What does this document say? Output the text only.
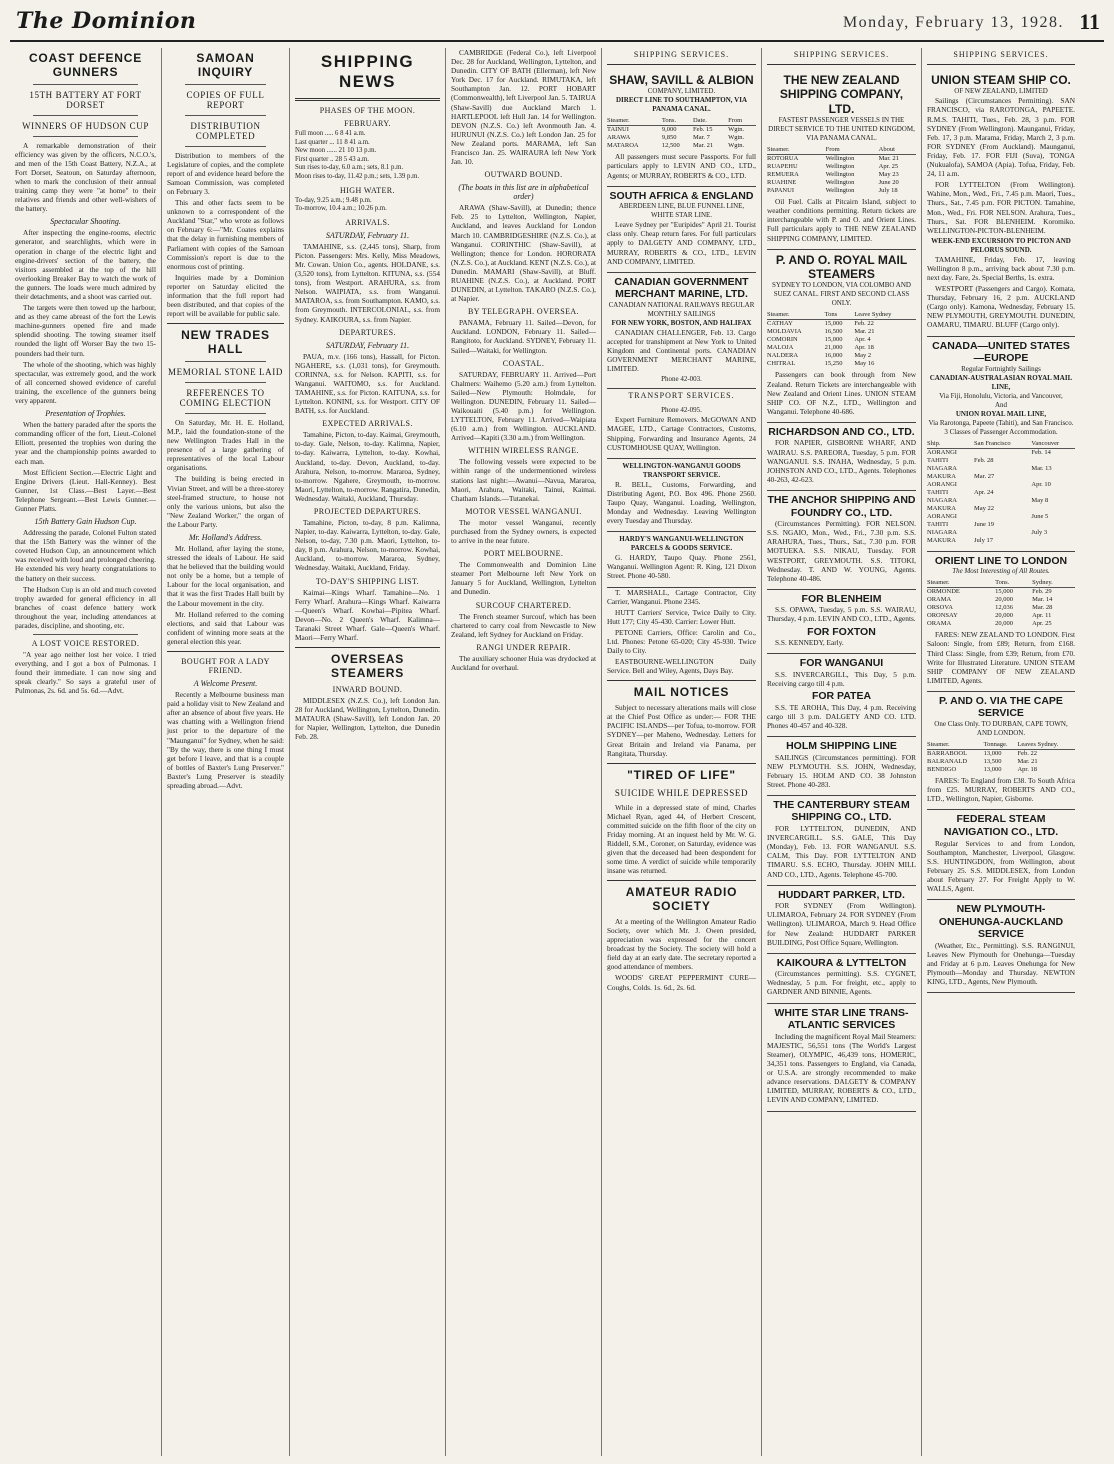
The Dominion	Monday, February 13, 1928. 11
COAST DEFENCE GUNNERS
15TH BATTERY AT FORT DORSET
WINNERS OF HUDSON CUP

A remarkable demonstration of their efficiency was given by the officers, N.C.O.'s, and men of the 15th Coast Battery, N.Z.A., at Fort Dorset, Seatoun, on Saturday afternoon, when to mark the conclusion of their annual training camp they were "at home" to their relatives and friends and other well-wishers of the battery.

Spectacular Shooting.

After inspecting the engine-rooms, electric generator, and searchlights, which were in operation in charge of the electric light and engine-drivers' section of the battery, the visitors assembled at the top of the hill overlooking Breaker Bay to watch the work of the gunners. The loads were much admired by their detachments, and a shoot was carried out.

The targets were then towed up the harbour, and as they came abreast of the fort the Lewis machine-gunners opened fire and made splendid shooting. The towing steamer itself rounded the light off Worser Bay the two 15-pounders had their turn.

The whole of the shooting, which was highly spectacular, was extremely good, and the work of all concerned showed evidence of careful training, the excellence of the gunners being very apparent.

Presentation of Trophies.

When the battery paraded after the sports the commanding officer of the fort, Lieut.-Colonel Elliott, presented the trophies won during the year and the championship points awarded to each man.

Most Efficient Section.—Electric Light and Engine Drivers (Lieut. Hall-Kenney). Best Gunner, 1st Class.—Best Layer.—Best Telephone Sergeant.—Best Lewis Gunner.—Gunner Platts.

15th Battery Gain Hudson Cup.

Addressing the parade, Colonel Fulton stated that the 15th Battery was the winner of the coveted Hudson Cup, an announcement which was received with loud and prolonged cheering. He extended his very hearty congratulations to the battery on their success.

The Hudson Cup is an old and much coveted trophy awarded for general efficiency in all branches of coast defence battery work throughout the year, including attendances at parades, discipline, and shooting, etc.

A LOST VOICE RESTORED.

"A year ago neither lost her voice. I tried everything, and I got a box of Pulmonas. I found their immediate. I can now sing and speak clearly." So says a grateful user of Pulmonas, 2s. 6d. and 5s. 6d.—Advt.

SAMOAN INQUIRY
COPIES OF FULL REPORT
DISTRIBUTION COMPLETED

Distribution to members of the Legislature of copies, and the complete report of and evidence heard before the Samoan Commission, was completed on February 3.

This and other facts seem to be unknown to a correspondent of the Auckland "Star," who wrote as follows on February 6:—"Mr. Coates explains that the delay in furnishing members of Parliament with copies of the Samoan Commission's report is due to the enormous cost of printing.

Inquiries made by a Dominion reporter on Saturday elicited the information that the full report had been distributed, and that copies of the report will be available for public sale.

NEW TRADES HALL
MEMORIAL STONE LAID
REFERENCES TO COMING ELECTION

On Saturday, Mr. H. E. Holland, M.P., laid the foundation-stone of the new Wellington Trades Hall in the presence of a large gathering of representatives of the local Labour organisations.

The building is being erected in Vivian Street, and will be a three-storey steel-framed structure, to house not only the various unions, but also the "New Zealand Worker," the organ of the Labour Party.

Mr. Holland's Address.

Mr. Holland, after laying the stone, stressed the ideals of Labour. He said that he believed that the building would not only be a home, but a temple of Labour for the local organisation, and that it was the first Trades Hall built by the Labour movement in the city.

Mr. Holland referred to the coming elections, and said that Labour was confident of winning more seats at the general election this year.

BOUGHT FOR A LADY FRIEND.
A Welcome Present.

Recently a Melbourne business man paid a holiday visit to New Zealand and after an absence of about five years. He was chatting with a Wellington friend just prior to the departure of the "Maunganui" for Sydney, when he said: "By the way, there is one thing I must get before I leave, and that is a couple of bottles of Baxter's Lung Preserver." Baxter's Lung Preserver is steadily spreading abroad.—Advt.

SHIPPING NEWS
PHASES OF THE MOON.
FEBRUARY.
Full moon ..... 6 8 41 a.m.
Last quarter ... 11 8 41 a.m.
New moon ...... 21 10 13 p.m.
First quarter .. 28 5 43 a.m.
Sun rises to-day, 6.0 a.m.; sets, 8.1 p.m.
Moon rises to-day, 11.42 p.m.; sets, 1.39 p.m.
HIGH WATER.
To-day, 9.25 a.m.; 9.48 p.m.
To-morrow, 10.4 a.m.; 10.26 p.m.
ARRIVALS.
SATURDAY, February 11.

TAMAHINE, s.s. (2,445 tons), Sharp, from Picton. Passengers: Mrs. Kelly, Miss Meadows, Mr. Cowan. Union Co., agents. HOLDANE, s.s. (3,520 tons), from Lyttelton. KITUNA, s.s. (554 tons), from Westport. ARAHURA, s.s. from Nelson. WAIPIATA, s.s. from Wanganui. MATAROA, s.s. from Southampton. KAMO, s.s. from Greymouth. INTERCOLONIAL, s.s. from Sydney. KAIKOURA, s.s. from Napier.

DEPARTURES.
SATURDAY, February 11.

PAUA, m.v. (166 tons), Hassall, for Picton. NGAHERE, s.s. (1,031 tons), for Greymouth. CORINNA, s.s. for Nelson. KAPITI, s.s. for Wanganui. WAITOMO, s.s. for Auckland. TAMAHINE, s.s. for Picton. KAITUNA, s.s. for Lyttelton. KONINI, s.s. for Westport. CITY OF BATH, s.s. for Auckland.

EXPECTED ARRIVALS.

Tamahine, Picton, to-day. Kaimai, Greymouth, to-day. Gale, Nelson, to-day. Kalimna, Napier, to-day. Kaiwarra, Lyttelton, to-day. Kowhai, Auckland, to-day. Devon, Auckland, to-day. Arahura, Nelson, to-morrow. Mararoa, Sydney, to-morrow. Ngahere, Greymouth, to-morrow. Maori, Lyttelton, to-morrow. Rangatira, Dunedin, Wednesday. Waitaki, Auckland, Thursday.

PROJECTED DEPARTURES.

Tamahine, Picton, to-day, 8 p.m. Kalimna, Napier, to-day. Kaiwarra, Lyttelton, to-day. Gale, Nelson, to-day, 7.30 p.m. Maori, Lyttelton, to-day, 8 p.m. Arahura, Nelson, to-morrow. Kowhai, Auckland, to-morrow. Mararoa, Sydney, Wednesday. Waitaki, Auckland, Friday.

TO-DAY'S SHIPPING LIST.

Kaimai—Kings Wharf. Tamahine—No. 1 Ferry Wharf. Arahura—Kings Wharf. Kaiwarra—Queen's Wharf. Kowhai—Pipitea Wharf. Devon—No. 2 Queen's Wharf. Kalimna—Taranaki Street Wharf. Gale—Queen's Wharf. Maori—Ferry Wharf.

OVERSEAS STEAMERS
INWARD BOUND.

MIDDLESEX (N.Z.S. Co.), left London Jan. 28 for Auckland, Wellington, Lyttelton, Dunedin. MATAURA (Shaw-Savill), left London Jan. 20 for Napier, Wellington, Lyttelton, due Dunedin Feb. 28.

CAMBRIDGE (Federal Co.), left Liverpool Dec. 28 for Auckland, Wellington, Lyttelton, and Dunedin. CITY OF BATH (Ellerman), left New York Dec. 17 for Auckland. RIMUTAKA, left Southampton Jan. 12. PORT HOBART (Commonwealth), left Liverpool Jan. 5. TAIRUA (Shaw-Savill) due Auckland March 1. HARTLEPOOL left Hull Jan. 14 for Wellington. DEVON (N.Z.S. Co.) left Avonmouth Jan. 4. HURUNUI (N.Z.S. Co.) left London Jan. 25 for New Zealand ports. MARAMA, left San Francisco Jan. 25. WAIRAURA left New York Jan. 10.

OUTWARD BOUND.
(The boats in this list are in alphabetical order)

ARAWA (Shaw-Savill), at Dunedin; thence Feb. 25 to Lyttelton, Wellington, Napier, Auckland, and leaves Auckland for London March 10. CAMBRIDGESHIRE (N.Z.S. Co.), at Wanganui. CORINTHIC (Shaw-Savill), at Wellington; thence for London. HORORATA (N.Z.S. Co.), at Auckland. KENT (N.Z.S. Co.), at Dunedin. MAMARI (Shaw-Savill), at Bluff. RUAHINE (N.Z.S. Co.), at Auckland. PORT DUNEDIN, at Lyttelton. TAKARO (N.Z.S. Co.), at Napier.

BY TELEGRAPH. OVERSEA.

PANAMA, February 11. Sailed—Devon, for Auckland. LONDON, February 11. Sailed—Rangitoto, for Auckland. SYDNEY, February 11. Sailed—Waitaki, for Wellington.

COASTAL.

SATURDAY, FEBRUARY 11. Arrived—Port Chalmers: Waihemo (5.20 a.m.) from Lyttelton. Sailed—New Plymouth: Holmdale, for Wellington. DUNEDIN, February 11. Sailed—Waikouaiti (5.40 p.m.) for Wellington. LYTTELTON, February 11. Arrived—Waipiata (6.10 a.m.) from Wellington. AUCKLAND. Arrived—Kapiti (3.30 a.m.) from Wellington.

WITHIN WIRELESS RANGE.

The following vessels were expected to be within range of the undermentioned wireless stations last night:—Awanui—Navua, Mararoa, Maori, Arahura, Waitaki, Tainui, Kaimai. Chatham Islands.—Tutanekai.

MOTOR VESSEL WANGANUI.

The motor vessel Wanganui, recently purchased from the Sydney owners, is expected to arrive in the near future.

PORT MELBOURNE.

The Commonwealth and Dominion Line steamer Port Melbourne left New York on January 5 for Auckland, Wellington, Lyttelton and Dunedin.

SURCOUF CHARTERED.

The French steamer Surcouf, which has been chartered to carry coal from Newcastle to New Zealand, left Sydney for Auckland on Friday.

RANGI UNDER REPAIR.

The auxiliary schooner Huia was drydocked at Auckland for overhaul.

SHIPPING SERVICES.
SHAW, SAVILL & ALBION
COMPANY, LIMITED.
DIRECT LINE TO SOUTHAMPTON, VIA PANAMA CANAL.
Steamer.	Tons.	Date.	From
TAINUI	9,000	Feb. 15	Wgtn.
ARAWA	9,850	Mar. 7	Wgtn.
MATAROA	12,500	Mar. 21	Wgtn.

All passengers must secure Passports. For full particulars apply to LEVIN AND CO., LTD., Agents; or MURRAY, ROBERTS & CO., LTD.

SOUTH AFRICA & ENGLAND
ABERDEEN LINE, BLUE FUNNEL LINE, WHITE STAR LINE.

Leave Sydney per "Euripides" April 21. Tourist class only. Cheap return fares. For full particulars apply to DALGETY AND COMPANY, LTD., MURRAY, ROBERTS & CO., LTD., LEVIN AND COMPANY, LIMITED.

CANADIAN GOVERNMENT MERCHANT MARINE, LTD.
CANADIAN NATIONAL RAILWAYS REGULAR MONTHLY SAILINGS
FOR NEW YORK, BOSTON, AND HALIFAX

CANADIAN CHALLENGER, Feb. 13. Cargo accepted for transhipment at New York to United Kingdom and Continental ports. CANADIAN GOVERNMENT MERCHANT MARINE, LIMITED.

Phone 42-003.
TRANSPORT SERVICES.
Phone 42-095.

Expert Furniture Removers. McGOWAN AND MAGEE, LTD., Cartage Contractors, Customs, Shipping, Forwarding and Insurance Agents, 24 CUSTOMHOUSE QUAY, Wellington.

WELLINGTON-WANGANUI GOODS TRANSPORT SERVICE.

R. BELL, Customs, Forwarding, and Distributing Agent, P.O. Box 496. Phone 2560. Taupo Quay, Wanganui. Loading, Wellington, Monday and Wednesday. Leaving Wellington every Tuesday and Thursday.

HARDY'S WANGANUI-WELLINGTON PARCELS & GOODS SERVICE.

G. HARDY, Taupo Quay. Phone 2561, Wanganui. Wellington Agent: R. King, 121 Dixon Street. Phone 40-580.

T. MARSHALL, Cartage Contractor, City Carrier, Wanganui. Phone 2345.

HUTT Carriers' Service, Twice Daily to City. Hutt 177; City 45-430. Carrier: Lower Hutt.

PETONE Carriers, Office: Carolin and Co., Ltd. Phones: Petone 65-020; City 45-930. Twice Daily to City.

EASTBOURNE-WELLINGTON Daily Service. Bell and Wiley, Agents, Days Bay.

MAIL NOTICES

Subject to necessary alterations mails will close at the Chief Post Office as under:— FOR THE PACIFIC ISLANDS—per Tofua, to-morrow. FOR SYDNEY—per Maheno, Wednesday. Letters for Great Britain and Ireland via Panama, per Rangitata, Thursday.

"TIRED OF LIFE"
SUICIDE WHILE DEPRESSED

While in a depressed state of mind, Charles Michael Ryan, aged 44, of Herbert Crescent, committed suicide on the fifth floor of the city on Friday morning. At an inquest held by Mr. W. G. Riddell, S.M., Coroner, on Saturday, evidence was given that the deceased had been despondent for some time. A verdict of suicide while temporarily insane was returned.

AMATEUR RADIO SOCIETY

At a meeting of the Wellington Amateur Radio Society, over which Mr. J. Owen presided, appreciation was expressed for the concert broadcast by the Society. The society will hold a field day at an early date. The secretary reported a good attendance of members.

WOODS' GREAT PEPPERMINT CURE—Coughs, Colds. 1s. 6d., 2s. 6d.

SHIPPING SERVICES.
THE NEW ZEALAND SHIPPING COMPANY, LTD.
FASTEST PASSENGER VESSELS IN THE DIRECT SERVICE TO THE UNITED KINGDOM, VIA PANAMA CANAL.
Steamer.	From	About
ROTORUA	Wellington	Mar. 21
RUAPEHU	Wellington	Apr. 25
REMUERA	Wellington	May 23
RUAHINE	Wellington	June 20
PAPANUI	Wellington	July 18

Oil Fuel. Calls at Pitcairn Island, subject to weather conditions permitting. Return tickets are interchangeable with P. and O. and Orient Lines. Full particulars apply to THE NEW ZEALAND SHIPPING COMPANY, LIMITED.

P. AND O. ROYAL MAIL STEAMERS
SYDNEY TO LONDON, VIA COLOMBO AND SUEZ CANAL. FIRST AND SECOND CLASS ONLY.
Steamer.	Tons	Leave Sydney
CATHAY	15,000	Feb. 22
MOLDAVIA	16,500	Mar. 21
COMORIN	15,000	Apr. 4
MALOJA	21,000	Apr. 18
NALDERA	16,000	May 2
CHITRAL	15,250	May 16

Passengers can book through from New Zealand. Return Tickets are interchangeable with New Zealand and Orient Lines. UNION STEAM SHIP CO. OF N.Z., LTD., Wellington and Wanganui. Telephone 40-686.

RICHARDSON AND CO., LTD.

FOR NAPIER, GISBORNE WHARF, AND WAIRAU. S.S. PAREORA, Tuesday, 5 p.m. FOR WANGANUI. S.S. INAHA, Wednesday, 5 p.m. JOHNSTON AND CO., LTD., Agents. Telephones 40-263, 42-623.

THE ANCHOR SHIPPING AND FOUNDRY CO., LTD.

(Circumstances Permitting). FOR NELSON. S.S. NGAIO, Mon., Wed., Fri., 7.30 p.m. S.S. ARAHURA, Tues., Thurs., Sat., 7.30 p.m. FOR MOTUEKA. S.S. NIKAU, Tuesday. FOR WESTPORT, GREYMOUTH. S.S. TITOKI, Wednesday. T. AND W. YOUNG, Agents. Telephone 40-486.

FOR BLENHEIM

S.S. OPAWA, Tuesday, 5 p.m. S.S. WAIRAU, Thursday, 4 p.m. LEVIN AND CO., LTD., Agents.

FOR FOXTON

S.S. KENNEDY, Early.

FOR WANGANUI

S.S. INVERCARGILL, This Day, 5 p.m. Receiving cargo till 4 p.m.

FOR PATEA

S.S. TE AROHA, This Day, 4 p.m. Receiving cargo till 3 p.m. DALGETY AND CO. LTD. Phones 40-457 and 40-328.

HOLM SHIPPING LINE

SAILINGS (Circumstances permitting). FOR NEW PLYMOUTH. S.S. JOHN, Wednesday, February 15. HOLM AND CO. 38 Johnston Street. Phone 40-283.

THE CANTERBURY STEAM SHIPPING CO., LTD.

FOR LYTTELTON, DUNEDIN, AND INVERCARGILL. S.S. GALE, This Day (Monday), Feb. 13. FOR WANGANUI. S.S. CALM, This Day. FOR LYTTELTON AND TIMARU. S.S. ECHO, Thursday. JOHN MILL AND CO., LTD., Agents. Telephone 45-700.

HUDDART PARKER, LTD.

FOR SYDNEY (From Wellington). ULIMAROA, February 24. FOR SYDNEY (From Wellington). ULIMAROA, March 9. Head Office for New Zealand: HUDDART PARKER BUILDING, Post Office Square, Wellington.

KAIKOURA & LYTTELTON

(Circumstances permitting). S.S. CYGNET, Wednesday, 5 p.m. For freight, etc., apply to GARDNER AND BINNIE, Agents.

WHITE STAR LINE TRANS-ATLANTIC SERVICES

Including the magnificent Royal Mail Steamers: MAJESTIC, 56,551 tons (The World's Largest Steamer), OLYMPIC, 46,439 tons, HOMERIC, 34,351 tons. Passengers to England, via Canada, or U.S.A. are strongly recommended to make advance reservations. DALGETY & COMPANY LIMITED, MURRAY, ROBERTS & CO., LTD., LEVIN AND COMPANY, LIMITED.

SHIPPING SERVICES.
UNION STEAM SHIP CO.
OF NEW ZEALAND, LIMITED

Sailings (Circumstances Permitting). SAN FRANCISCO, via RAROTONGA, PAPEETE. R.M.S. TAHITI, Tues., Feb. 28, 3 p.m. FOR SYDNEY (From Wellington). Maunganui, Friday, Feb. 17, 3 p.m. Marama, Friday, March 2, 3 p.m. FOR SYDNEY (From Auckland). Maunganui, Friday, Feb. 17. FOR FIJI (Suva), TONGA (Nukualofa), SAMOA (Apia). Tofua, Friday, Feb. 24, 11 a.m.

FOR LYTTELTON (From Wellington). Wahine, Mon., Wed., Fri., 7.45 p.m. Maori, Tues., Thurs., Sat., 7.45 p.m. FOR PICTON. Tamahine, Mon., Wed., Fri. FOR NELSON. Arahura, Tues., Thurs., Sat. FOR BLENHEIM. Koromiko. WELLINGTON-PICTON-BLENHEIM.

WEEK-END EXCURSION TO PICTON AND PELORUS SOUND.

TAMAHINE, Friday, Feb. 17, leaving Wellington 8 p.m., arriving back about 7.30 p.m. next day. Fare, 2s. Special Berths, 1s. extra.

WESTPORT (Passengers and Cargo). Komata, Thursday, February 16, 2 p.m. AUCKLAND (Cargo only). Kamona, Wednesday, February 15. NEW PLYMOUTH, GREYMOUTH. DUNEDIN, OAMARU, TIMARU. BLUFF (Cargo only).

CANADA—UNITED STATES —EUROPE
Regular Fortnightly Sailings
CANADIAN-AUSTRALASIAN ROYAL MAIL LINE,
Via Fiji, Honolulu, Victoria, and Vancouver,
And
UNION ROYAL MAIL LINE,
Via Rarotonga, Papeete (Tahiti), and San Francisco.
3 Classes of Passenger Accommodation.
Ship.	San Francisco	Vancouver
AORANGI		Feb. 14
TAHITI	Feb. 28	
NIAGARA		Mar. 13
MAKURA	Mar. 27	
AORANGI		Apr. 10
TAHITI	Apr. 24	
NIAGARA		May 8
MAKURA	May 22	
AORANGI		June 5
TAHITI	June 19	
NIAGARA		July 3
MAKURA	July 17	
ORIENT LINE TO LONDON
The Most Interesting of All Routes.
Steamer.	Tons.	Sydney.
ORMONDE	15,000	Feb. 29
ORAMA	20,000	Mar. 14
ORSOVA	12,036	Mar. 28
ORONSAY	20,000	Apr. 11
ORAMA	20,000	Apr. 25

FARES: NEW ZEALAND TO LONDON. First Saloon: Single, from £89; Return, from £168. Third Class: Single, from £39; Return, from £70. Write for Illustrated Literature. UNION STEAM SHIP COMPANY OF NEW ZEALAND LIMITED, Agents.

P. AND O. VIA THE CAPE SERVICE
One Class Only. TO DURBAN, CAPE TOWN, AND LONDON.
Steamer.	Tonnage.	Leaves Sydney.
BARRABOOL	13,000	Feb. 22
BALRANALD	13,500	Mar. 21
BENDIGO	13,000	Apr. 18

FARES: To England from £38. To South Africa from £25. MURRAY, ROBERTS AND CO., LTD., Wellington, Napier, Gisborne.

FEDERAL STEAM NAVIGATION CO., LTD.

Regular Services to and from London, Southampton, Manchester, Liverpool, Glasgow. S.S. HUNTINGDON, from Wellington, about February 25. S.S. MIDDLESEX, from London about February 27. For Freight Apply to W. WALLS, Agent.

NEW PLYMOUTH-ONEHUNGA-AUCKLAND SERVICE

(Weather, Etc., Permitting). S.S. RANGINUI, Leaves New Plymouth for Onehunga—Tuesday and Friday at 6 p.m. Leaves Onehunga for New Plymouth—Monday and Thursday. NEWTON KING, LTD., Agents, New Plymouth.
